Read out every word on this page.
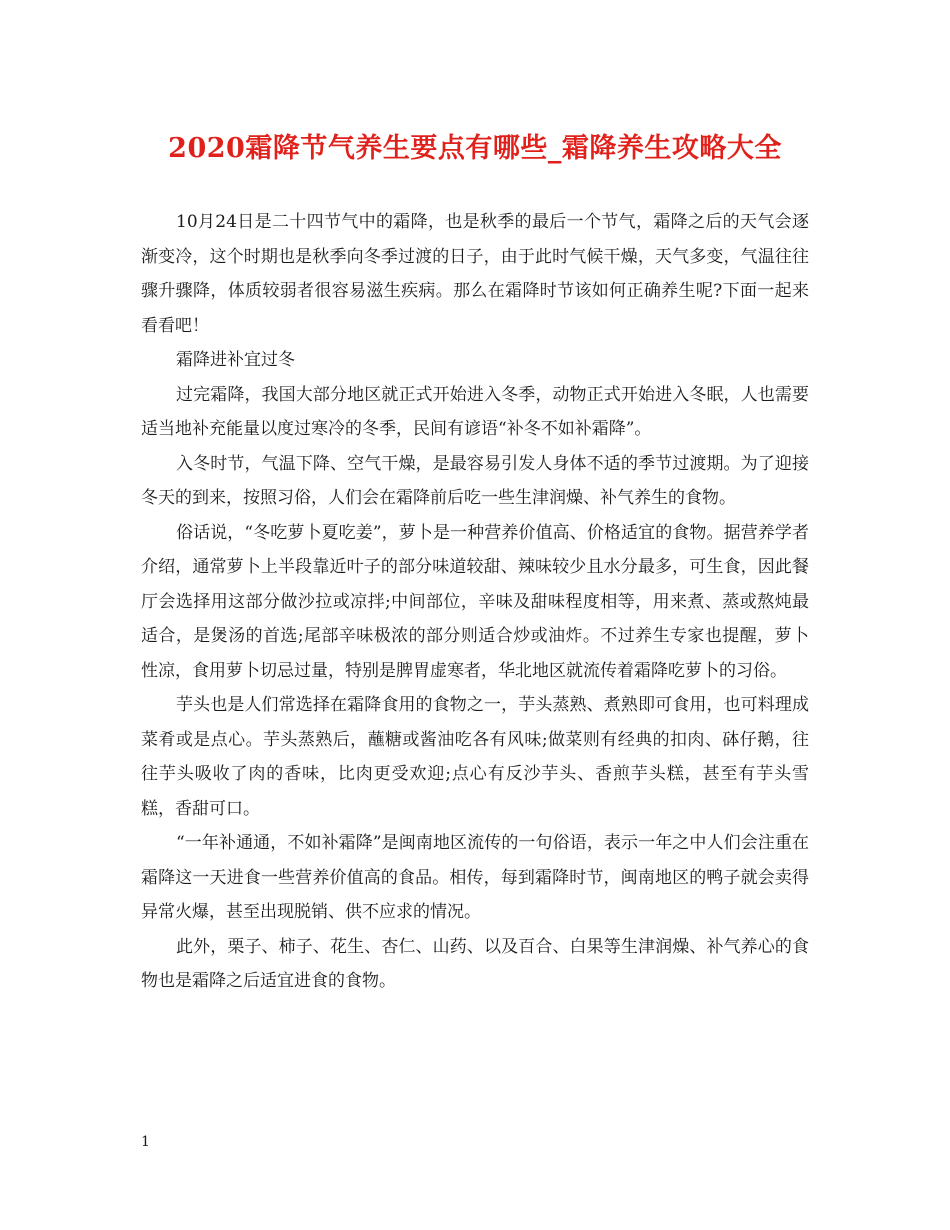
2020霜降节气养生要点有哪些_霜降养生攻略大全

10月24日是二十四节气中的霜降，也是秋季的最后一个节气，霜降之后的天气会逐渐变冷，这个时期也是秋季向冬季过渡的日子，由于此时气候干燥，天气多变，气温往往骤升骤降，体质较弱者很容易滋生疾病。那么在霜降时节该如何正确养生呢?下面一起来看看吧！

霜降进补宜过冬

过完霜降，我国大部分地区就正式开始进入冬季，动物正式开始进入冬眠，人也需要适当地补充能量以度过寒冷的冬季，民间有谚语“补冬不如补霜降”。

入冬时节，气温下降、空气干燥，是最容易引发人身体不适的季节过渡期。为了迎接冬天的到来，按照习俗，人们会在霜降前后吃一些生津润燥、补气养生的食物。

俗话说，“冬吃萝卜夏吃姜”，萝卜是一种营养价值高、价格适宜的食物。据营养学者介绍，通常萝卜上半段靠近叶子的部分味道较甜、辣味较少且水分最多，可生食，因此餐厅会选择用这部分做沙拉或凉拌;中间部位，辛味及甜味程度相等，用来煮、蒸或熬炖最适合，是煲汤的首选;尾部辛味极浓的部分则适合炒或油炸。不过养生专家也提醒，萝卜性凉，食用萝卜切忌过量，特别是脾胃虚寒者，华北地区就流传着霜降吃萝卜的习俗。

芋头也是人们常选择在霜降食用的食物之一，芋头蒸熟、煮熟即可食用，也可料理成菜肴或是点心。芋头蒸熟后，蘸糖或酱油吃各有风味;做菜则有经典的扣肉、砵仔鹅，往往芋头吸收了肉的香味，比肉更受欢迎;点心有反沙芋头、香煎芋头糕，甚至有芋头雪糕，香甜可口。

“一年补通通，不如补霜降”是闽南地区流传的一句俗语，表示一年之中人们会注重在霜降这一天进食一些营养价值高的食品。相传，每到霜降时节，闽南地区的鸭子就会卖得异常火爆，甚至出现脱销、供不应求的情况。

此外，栗子、柿子、花生、杏仁、山药、以及百合、白果等生津润燥、补气养心的食物也是霜降之后适宜进食的食物。

1
